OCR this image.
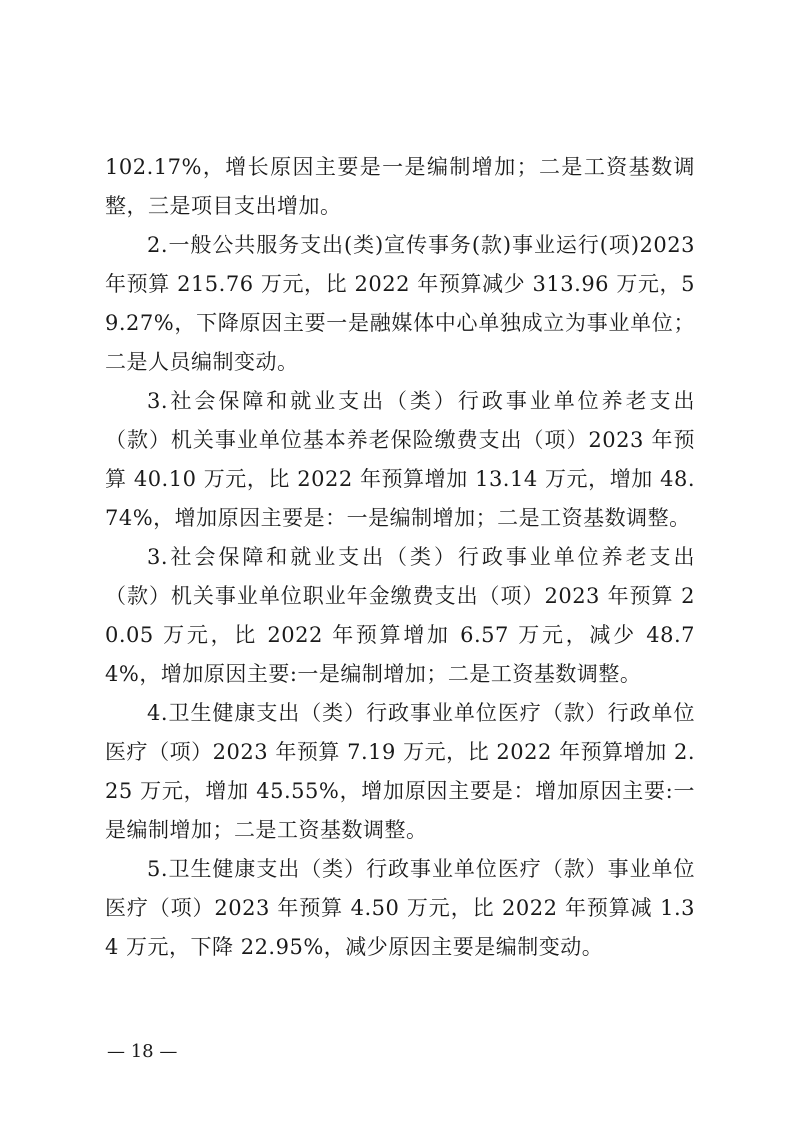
102.17%，增长原因主要是一是编制增加；二是工资基数调整，三是项目支出增加。

2.一般公共服务支出(类)宣传事务(款)事业运行(项)2023 年预算 215.76 万元，比 2022 年预算减少 313.96 万元，59.27%，下降原因主要一是融媒体中心单独成立为事业单位；二是人员编制变动。

3.社会保障和就业支出（类）行政事业单位养老支出（款）机关事业单位基本养老保险缴费支出（项）2023 年预算 40.10 万元，比 2022 年预算增加 13.14 万元，增加 48.74%，增加原因主要是：一是编制增加；二是工资基数调整。

3.社会保障和就业支出（类）行政事业单位养老支出（款）机关事业单位职业年金缴费支出（项）2023 年预算 20.05 万元，比 2022 年预算增加 6.57 万元，减少 48.74%，增加原因主要:一是编制增加；二是工资基数调整。

4.卫生健康支出（类）行政事业单位医疗（款）行政单位医疗（项）2023 年预算 7.19 万元，比 2022 年预算增加 2.25 万元，增加 45.55%，增加原因主要是：增加原因主要:一是编制增加；二是工资基数调整。

5.卫生健康支出（类）行政事业单位医疗（款）事业单位医疗（项）2023 年预算 4.50 万元，比 2022 年预算减 1.34 万元，下降 22.95%，减少原因主要是编制变动。

— 18 —
